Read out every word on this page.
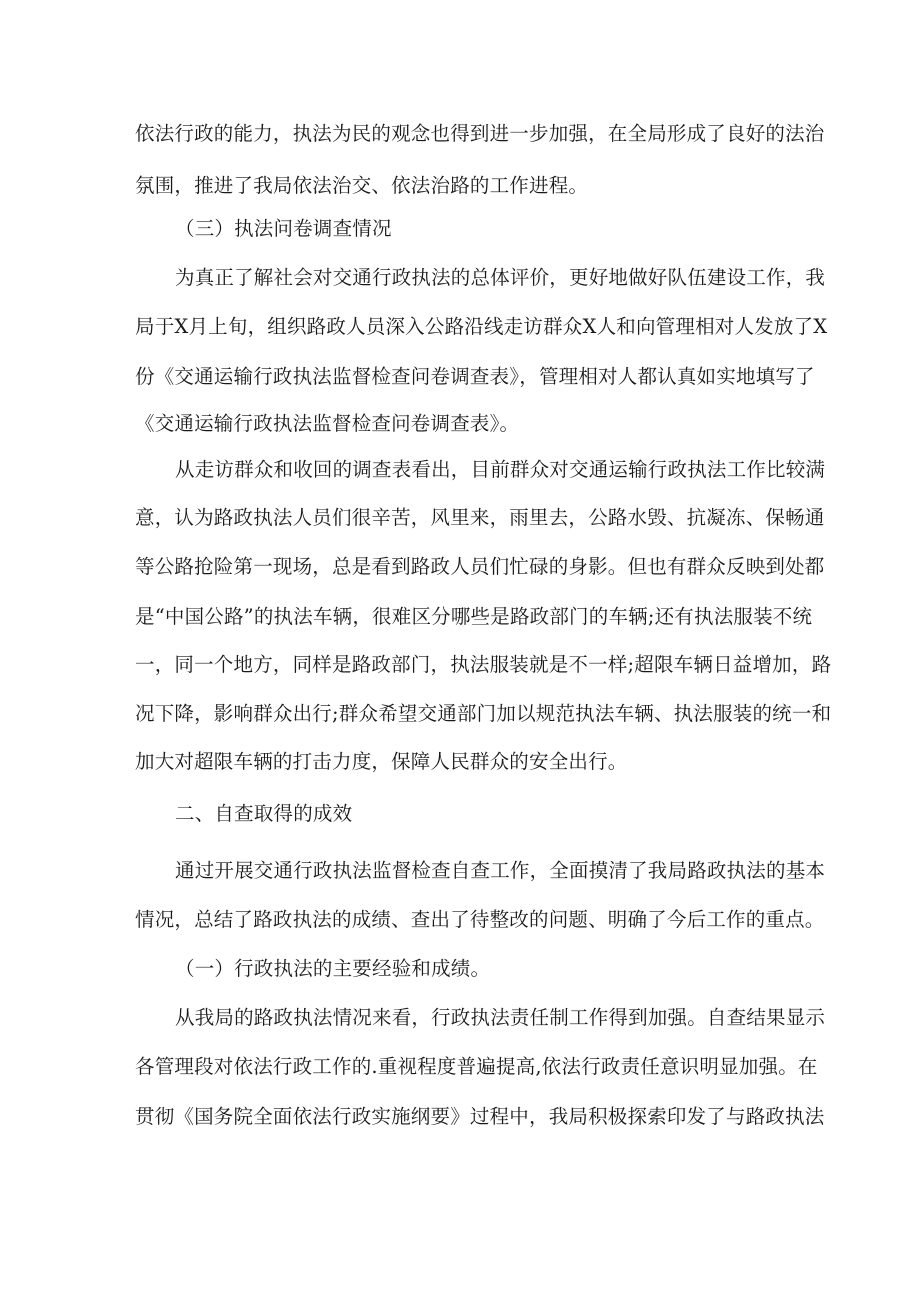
依法行政的能力，执法为民的观念也得到进一步加强，在全局形成了良好的法治
氛围，推进了我局依法治交、依法治路的工作进程。
（三）执法问卷调查情况
为真正了解社会对交通行政执法的总体评价，更好地做好队伍建设工作，我
局于X月上旬，组织路政人员深入公路沿线走访群众X人和向管理相对人发放了X
份《交通运输行政执法监督检查问卷调查表》，管理相对人都认真如实地填写了
《交通运输行政执法监督检查问卷调查表》。
从走访群众和收回的调查表看出，目前群众对交通运输行政执法工作比较满
意，认为路政执法人员们很辛苦，风里来，雨里去，公路水毁、抗凝冻、保畅通
等公路抢险第一现场，总是看到路政人员们忙碌的身影。但也有群众反映到处都
是“中国公路”的执法车辆，很难区分哪些是路政部门的车辆;还有执法服装不统
一，同一个地方，同样是路政部门，执法服装就是不一样;超限车辆日益增加，路
况下降，影响群众出行;群众希望交通部门加以规范执法车辆、执法服装的统一和
加大对超限车辆的打击力度，保障人民群众的安全出行。
二、自查取得的成效
通过开展交通行政执法监督检查自查工作，全面摸清了我局路政执法的基本
情况，总结了路政执法的成绩、查出了待整改的问题、明确了今后工作的重点。
（一）行政执法的主要经验和成绩。
从我局的路政执法情况来看，行政执法责任制工作得到加强。自查结果显示
各管理段对依法行政工作的.重视程度普遍提高,依法行政责任意识明显加强。在
贯彻《国务院全面依法行政实施纲要》过程中，我局积极探索印发了与路政执法
